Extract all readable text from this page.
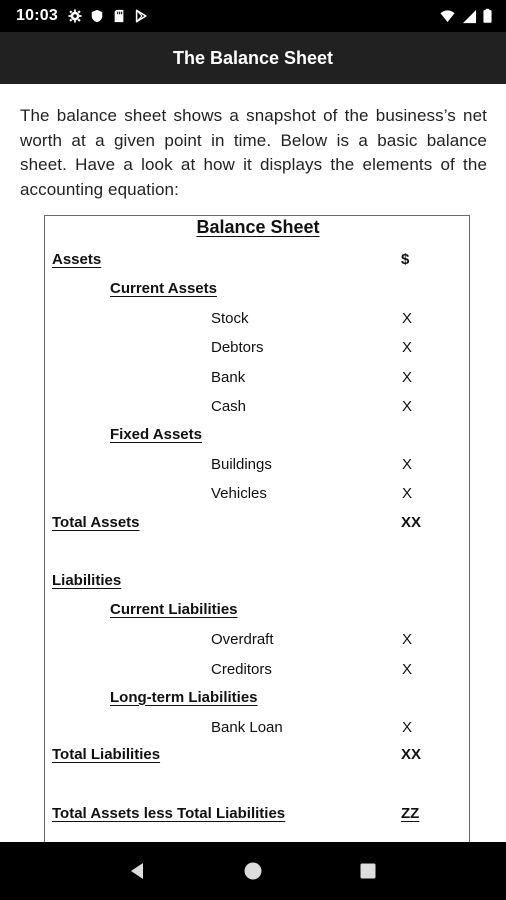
10:03
The Balance Sheet

The balance sheet shows a snapshot of the business’s net worth at a given point in time. Below is a basic balance sheet. Have a look at how it displays the elements of the accounting equation:

Balance Sheet
Assets	$
Current Assets
Stock	X
Debtors	X
Bank	X
Cash	X
Fixed Assets
Buildings	X
Vehicles	X
Total Assets	XX
Liabilities
Current Liabilities
Overdraft	X
Creditors	X
Long-term Liabilities
Bank Loan	X
Total Liabilities	XX
Total Assets less Total Liabilities	ZZ
